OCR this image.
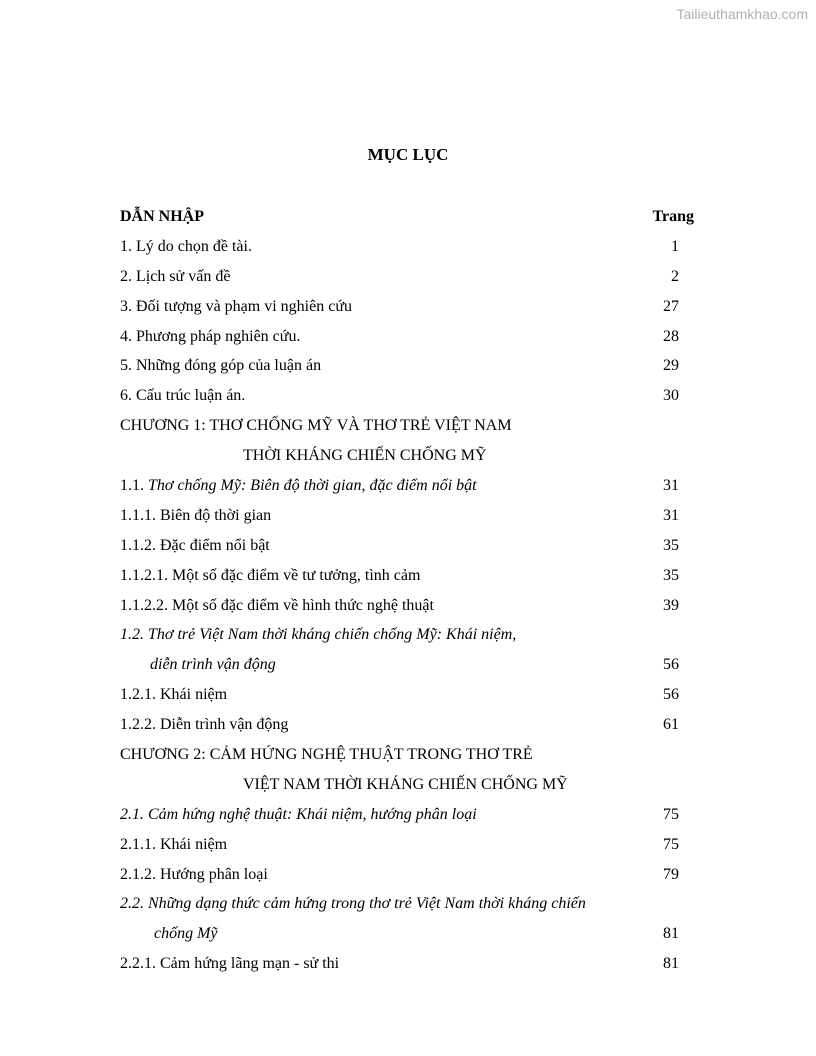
Tailieuthamkhao.com
MỤC LỤC
DẪN NHẬP	Trang
1. Lý do chọn đề tài.	1
2. Lịch sử vấn đề	2
3. Đối tượng và phạm vi nghiên cứu	27
4. Phương pháp nghiên cứu.	28
5. Những đóng góp của luận án	29
6. Cấu trúc luận án.	30
CHƯƠNG 1: THƠ CHỐNG MỸ VÀ THƠ TRẺ VIỆT NAM
THỜI KHÁNG CHIẾN CHỐNG MỸ
1.1. Thơ chống Mỹ: Biên độ thời gian, đặc điểm nổi bật	31
1.1.1. Biên độ thời gian	31
1.1.2. Đặc điểm nổi bật	35
1.1.2.1. Một số đặc điểm về tư tưởng, tình cảm	35
1.1.2.2. Một số đặc điểm về hình thức nghệ thuật	39
1.2. Thơ trẻ Việt Nam thời kháng chiến chống Mỹ: Khái niệm,
diễn trình vận động	56
1.2.1. Khái niệm	56
1.2.2. Diễn trình vận động	61
CHƯƠNG 2: CẢM HỨNG NGHỆ THUẬT TRONG THƠ TRẺ
VIỆT NAM THỜI KHÁNG CHIẾN CHỐNG MỸ
2.1. Cảm hứng nghệ thuật: Khái niệm, hướng phân loại	75
2.1.1. Khái niệm	75
2.1.2. Hướng phân loại	79
2.2. Những dạng thức cảm hứng trong thơ trẻ Việt Nam thời kháng chiến
chống Mỹ	81
2.2.1. Cảm hứng lãng mạn - sử thi	81
